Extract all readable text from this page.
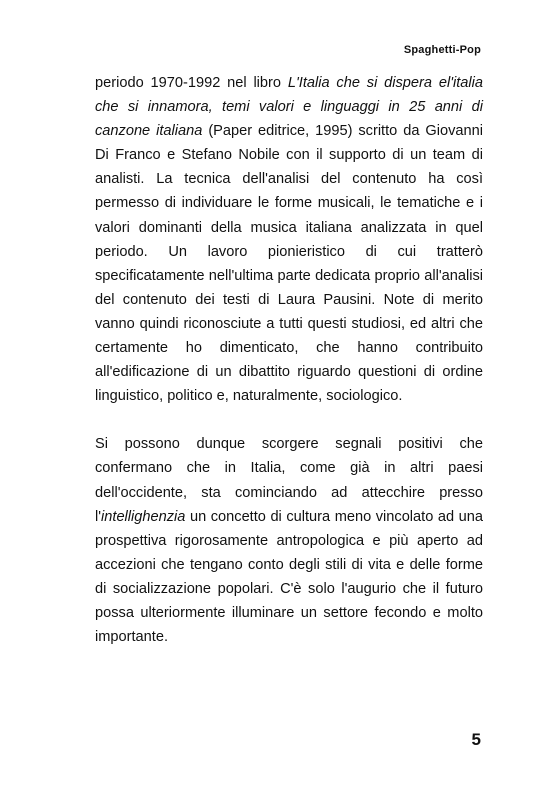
Spaghetti-Pop

periodo 1970-1992 nel libro L'Italia che si dispera el'italia che si innamora, temi valori e linguaggi in 25 anni di canzone italiana (Paper editrice, 1995) scritto da Giovanni Di Franco e Stefano Nobile con il supporto di un team di analisti. La tecnica dell'analisi del contenuto ha così permesso di individuare le forme musicali, le tematiche e i valori dominanti della musica italiana analizzata in quel periodo. Un lavoro pionieristico di cui tratterò specificatamente nell'ultima parte dedicata proprio all'analisi del contenuto dei testi di Laura Pausini. Note di merito vanno quindi riconosciute a tutti questi studiosi, ed altri che certamente ho dimenticato, che hanno contribuito all'edificazione di un dibattito riguardo questioni di ordine linguistico, politico e, naturalmente, sociologico.

Si possono dunque scorgere segnali positivi che confermano che in Italia, come già in altri paesi dell'occidente, sta cominciando ad attecchire presso l'intellighenzia un concetto di cultura meno vincolato ad una prospettiva rigorosamente antropologica e più aperto ad accezioni che tengano conto degli stili di vita e delle forme di socializzazione popolari. C'è solo l'augurio che il futuro possa ulteriormente illuminare un settore fecondo e molto importante.

5
